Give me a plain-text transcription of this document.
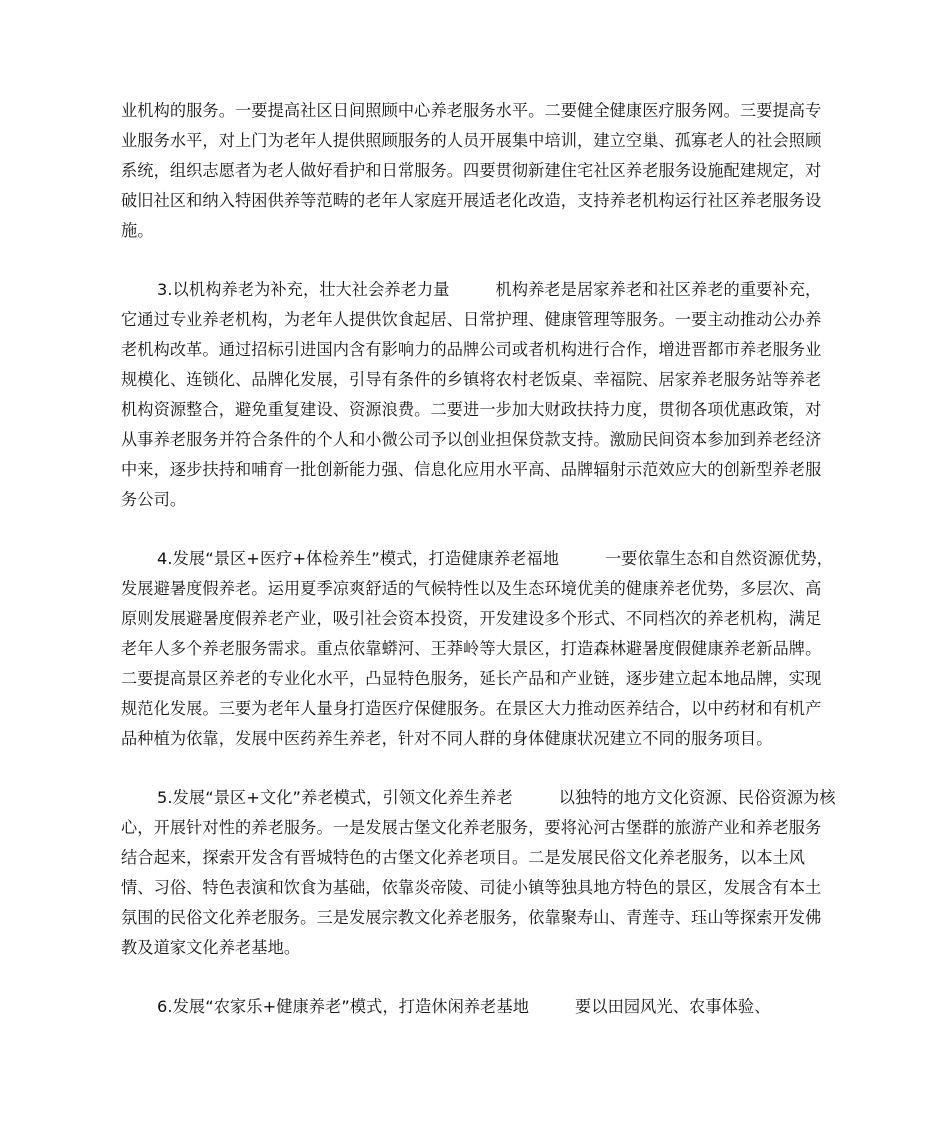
业机构的服务。一要提高社区日间照顾中心养老服务水平。二要健全健康医疗服务网。三要提高专业服务水平，对上门为老年人提供照顾服务的人员开展集中培训，建立空巢、孤寡老人的社会照顾系统，组织志愿者为老人做好看护和日常服务。四要贯彻新建住宅社区养老服务设施配建规定，对破旧社区和纳入特困供养等范畴的老年人家庭开展适老化改造，支持养老机构运行社区养老服务设施。

3.以机构养老为补充，壮大社会养老力量	机构养老是居家养老和社区养老的重要补充，它通过专业养老机构，为老年人提供饮食起居、日常护理、健康管理等服务。一要主动推动公办养老机构改革。通过招标引进国内含有影响力的品牌公司或者机构进行合作，增进晋都市养老服务业规模化、连锁化、品牌化发展，引导有条件的乡镇将农村老饭桌、幸福院、居家养老服务站等养老机构资源整合，避免重复建设、资源浪费。二要进一步加大财政扶持力度，贯彻各项优惠政策，对从事养老服务并符合条件的个人和小微公司予以创业担保贷款支持。激励民间资本参加到养老经济中来，逐步扶持和哺育一批创新能力强、信息化应用水平高、品牌辐射示范效应大的创新型养老服务公司。

4.发展“景区+医疗+体检养生”模式，打造健康养老福地	一要依靠生态和自然资源优势，发展避暑度假养老。运用夏季凉爽舒适的气候特性以及生态环境优美的健康养老优势，多层次、高原则发展避暑度假养老产业，吸引社会资本投资，开发建设多个形式、不同档次的养老机构，满足老年人多个养老服务需求。重点依靠蟒河、王莽岭等大景区，打造森林避暑度假健康养老新品牌。二要提高景区养老的专业化水平，凸显特色服务，延长产品和产业链，逐步建立起本地品牌，实现规范化发展。三要为老年人量身打造医疗保健服务。在景区大力推动医养结合，以中药材和有机产品种植为依靠，发展中医药养生养老，针对不同人群的身体健康状况建立不同的服务项目。

5.发展“景区+文化”养老模式，引领文化养生养老	以独特的地方文化资源、民俗资源为核心，开展针对性的养老服务。一是发展古堡文化养老服务，要将沁河古堡群的旅游产业和养老服务结合起来，探索开发含有晋城特色的古堡文化养老项目。二是发展民俗文化养老服务，以本土风情、习俗、特色表演和饮食为基础，依靠炎帝陵、司徒小镇等独具地方特色的景区，发展含有本土氛围的民俗文化养老服务。三是发展宗教文化养老服务，依靠聚寿山、青莲寺、珏山等探索开发佛教及道家文化养老基地。

6.发展“农家乐+健康养老”模式，打造休闲养老基地	要以田园风光、农事体验、
